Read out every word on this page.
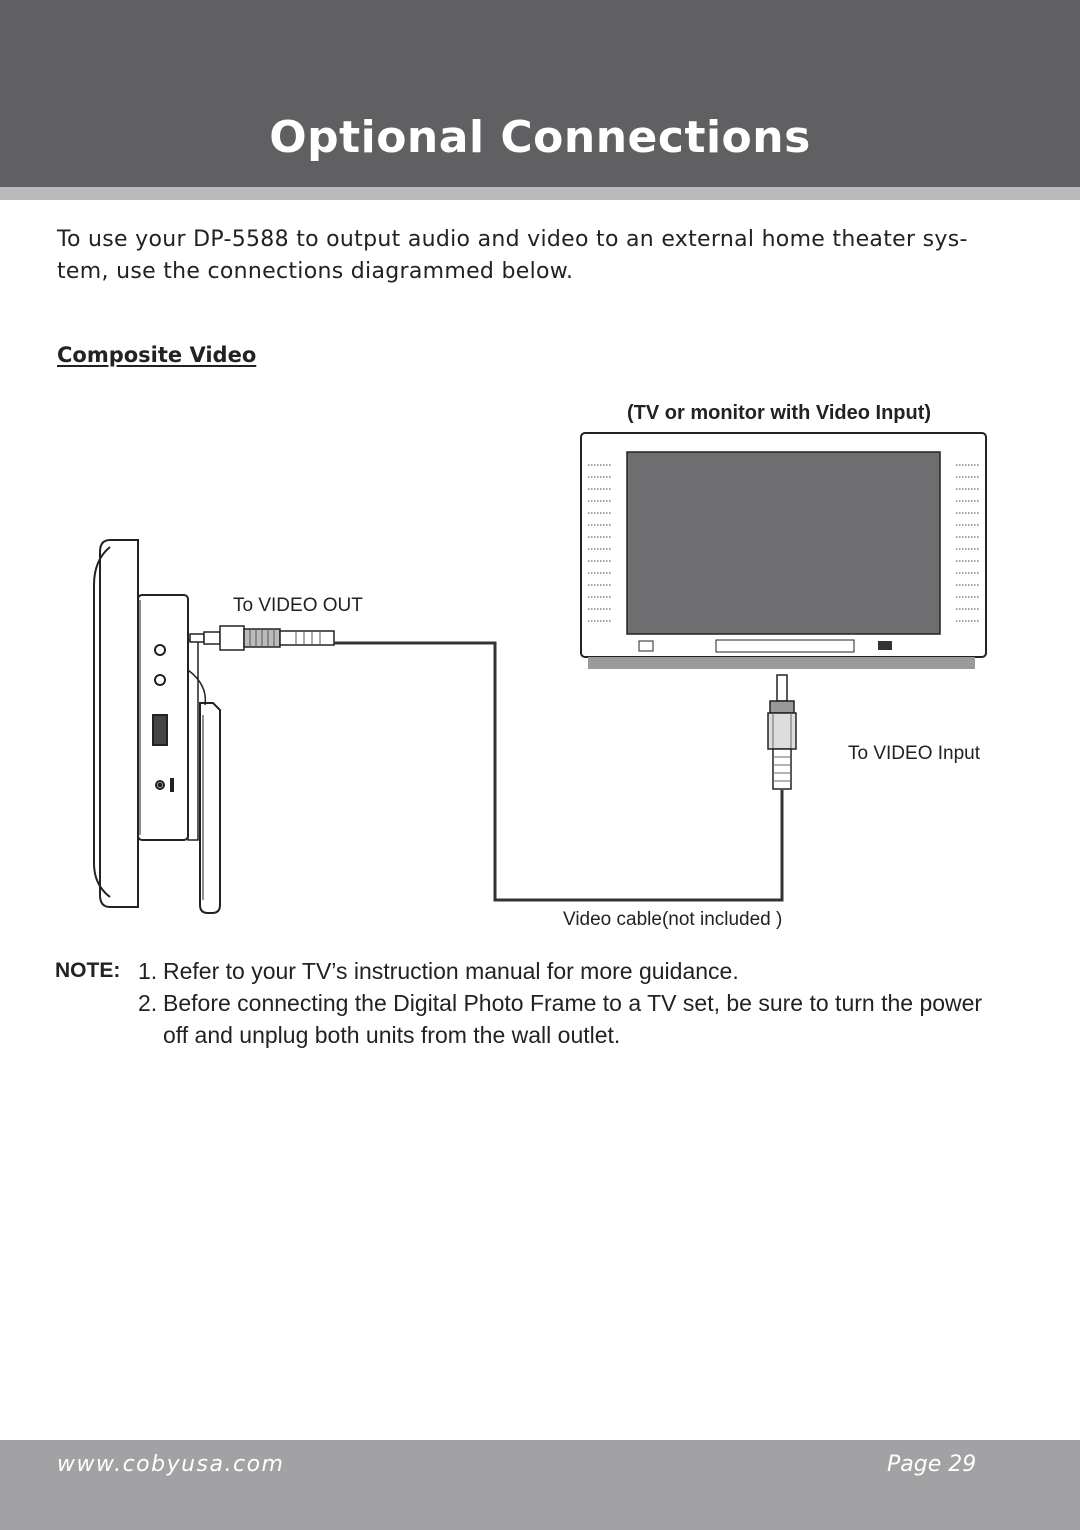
Optional Connections
To use your DP-5588 to output audio and video to an external home theater sys- tem, use the connections diagrammed below.
Composite Video
(TV or monitor with Video Input)
To VIDEO OUT
To VIDEO Input
Video cable(not included )
NOTE: 1. Refer to your TV’s instruction manual for more guidance.
2. Before connecting the Digital Photo Frame to a TV set, be sure to turn the power off and unplug both units from the wall outlet.
www.cobyusa.com	Page 29
